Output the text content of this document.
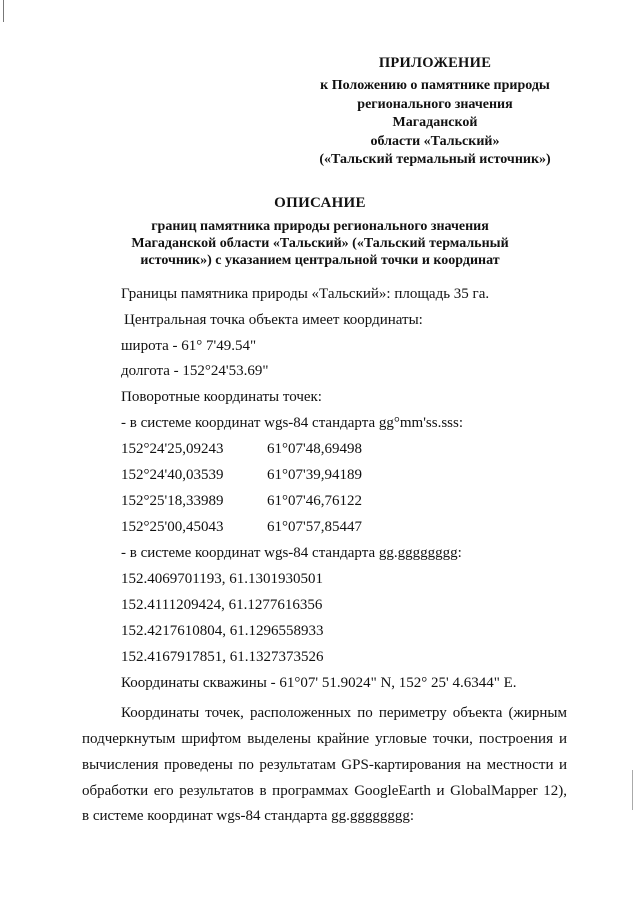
ПРИЛОЖЕНИЕ
к Положению о памятнике природы
регионального значения
Магаданской
области «Тальский»
(«Тальский термальный источник»)
ОПИСАНИЕ
границ памятника природы регионального значения
Магаданской области «Тальский» («Тальский термальный
источник») с указанием центральной точки и координат
Границы памятника природы «Тальский»: площадь 35 га.
Центральная точка объекта имеет координаты:
широта - 61° 7'49.54"
долгота - 152°24'53.69"
Поворотные координаты точек:
- в системе координат wgs-84 стандарта gg°mm'ss.sss:
152°24'25,09243	61°07'48,69498
152°24'40,03539	61°07'39,94189
152°25'18,33989	61°07'46,76122
152°25'00,45043	61°07'57,85447
- в системе координат wgs-84 стандарта gg.gggggggg:
152.4069701193, 61.1301930501
152.4111209424, 61.1277616356
152.4217610804, 61.1296558933
152.4167917851, 61.1327373526
Координаты скважины - 61°07' 51.9024" N, 152° 25' 4.6344" E.
Координаты точек, расположенных по периметру объекта (жирным
подчеркнутым шрифтом выделены крайние угловые точки, построения и
вычисления проведены по результатам GPS-картирования на местности и
обработки его результатов в программах GoogleEarth и GlobalMapper 12),
в системе координат wgs-84 стандарта gg.gggggggg:
